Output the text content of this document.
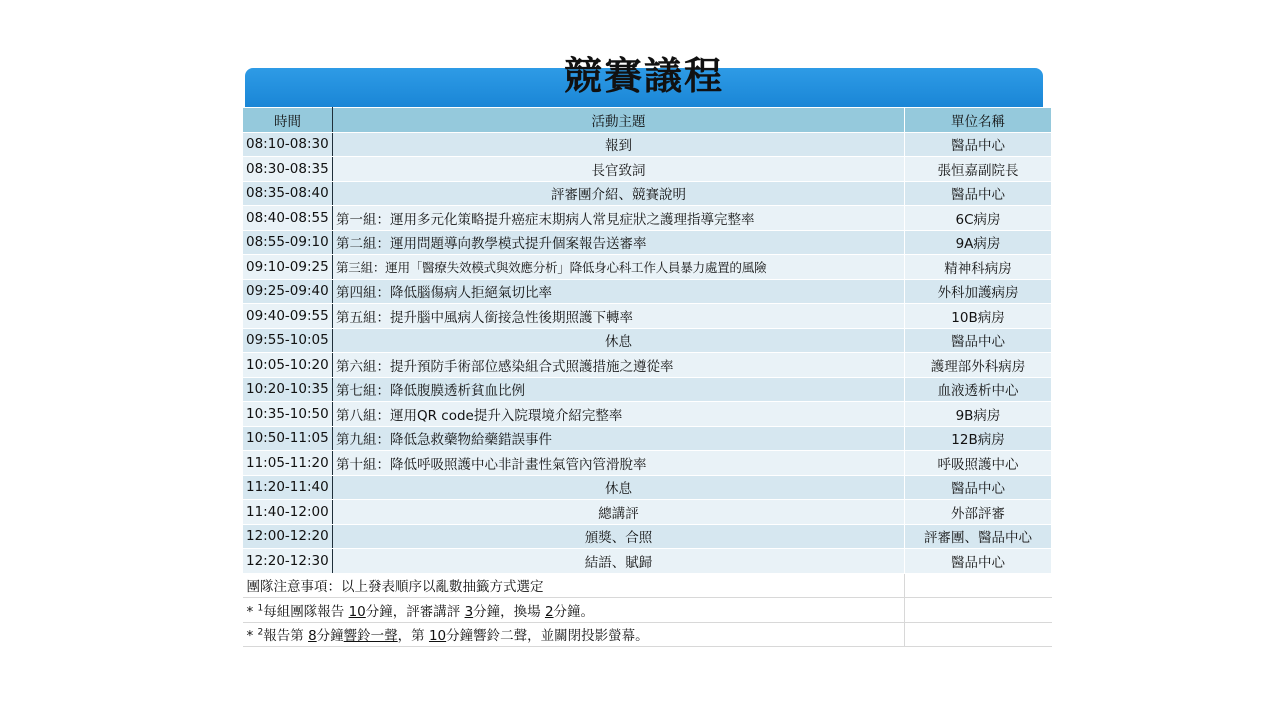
競賽議程
時間	活動主題	單位名稱
08:10-08:30	報到	醫品中心
08:30-08:35	長官致詞	張恒嘉副院長
08:35-08:40	評審團介紹、競賽說明	醫品中心
08:40-08:55	第一組：運用多元化策略提升癌症末期病人常見症狀之護理指導完整率	6C病房
08:55-09:10	第二組：運用問題導向教學模式提升個案報告送審率	9A病房
09:10-09:25	第三組：運用「醫療失效模式與效應分析」降低身心科工作人員暴力處置的風險	精神科病房
09:25-09:40	第四組：降低腦傷病人拒絕氣切比率	外科加護病房
09:40-09:55	第五組：提升腦中風病人銜接急性後期照護下轉率	10B病房
09:55-10:05	休息	醫品中心
10:05-10:20	第六組：提升預防手術部位感染組合式照護措施之遵從率	護理部外科病房
10:20-10:35	第七組：降低腹膜透析貧血比例	血液透析中心
10:35-10:50	第八組：運用QR code提升入院環境介紹完整率	9B病房
10:50-11:05	第九組：降低急救藥物給藥錯誤事件	12B病房
11:05-11:20	第十組：降低呼吸照護中心非計畫性氣管內管滑脫率	呼吸照護中心
11:20-11:40	休息	醫品中心
11:40-12:00	總講評	外部評審
12:00-12:20	頒獎、合照	評審團、醫品中心
12:20-12:30	結語、賦歸	醫品中心
團隊注意事項：以上發表順序以亂數抽籤方式選定		
* $^1$每組團隊報告 10分鐘，評審講評 3分鐘，換場 2分鐘。		
* $^2$報告第 8分鐘響鈴一聲，第 10分鐘響鈴二聲，並關閉投影螢幕。		
